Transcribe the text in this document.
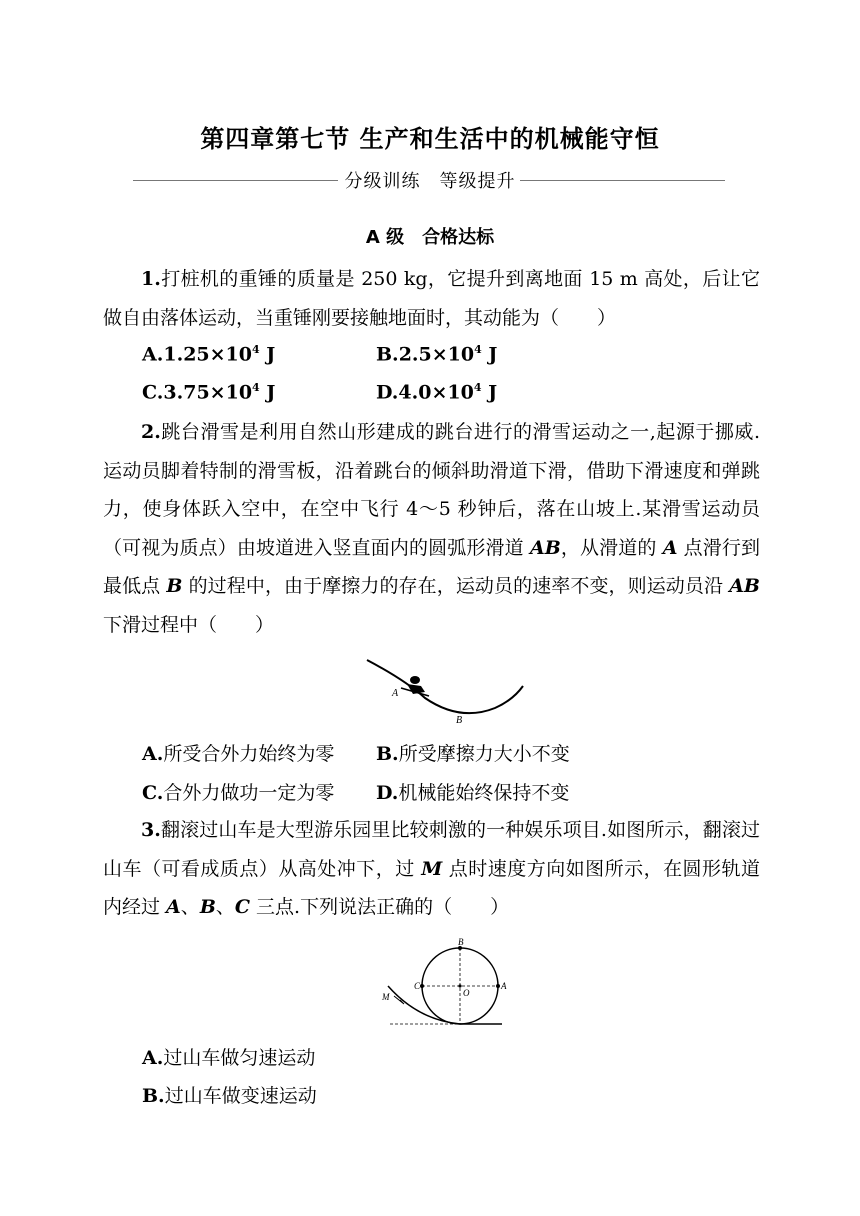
第四章第七节 生产和生活中的机械能守恒
分级训练　等级提升
A 级　合格达标
1.打桩机的重锤的质量是 250 kg，它提升到离地面 15 m 高处，后让它做自由落体运动，当重锤刚要接触地面时，其动能为（　　）
$A.1.25\times 10^4$ J	$B.2.5\times 10^4$ J
$C.3.75\times 10^4$ J	$D.4.0\times 10^4$ J
2.跳台滑雪是利用自然山形建成的跳台进行的滑雪运动之一,起源于挪威.运动员脚着特制的滑雪板，沿着跳台的倾斜助滑道下滑，借助下滑速度和弹跳力，使身体跃入空中，在空中飞行 4～5 秒钟后，落在山坡上.某滑雪运动员（可视为质点）由坡道进入竖直面内的圆弧形滑道 AB，从滑道的 A 点滑行到最低点 B 的过程中，由于摩擦力的存在，运动员的速率不变，则运动员沿 AB 下滑过程中（　　）
A
B
A.所受合外力始终为零 B.所受摩擦力大小不变
C.合外力做功一定为零 D.机械能始终保持不变
3.翻滚过山车是大型游乐园里比较刺激的一种娱乐项目.如图所示，翻滚过山车（可看成质点）从高处冲下，过 M 点时速度方向如图所示，在圆形轨道内经过 A、B、C 三点.下列说法正确的（　　）
B
C
O
A
M
A.过山车做匀速运动
B.过山车做变速运动
